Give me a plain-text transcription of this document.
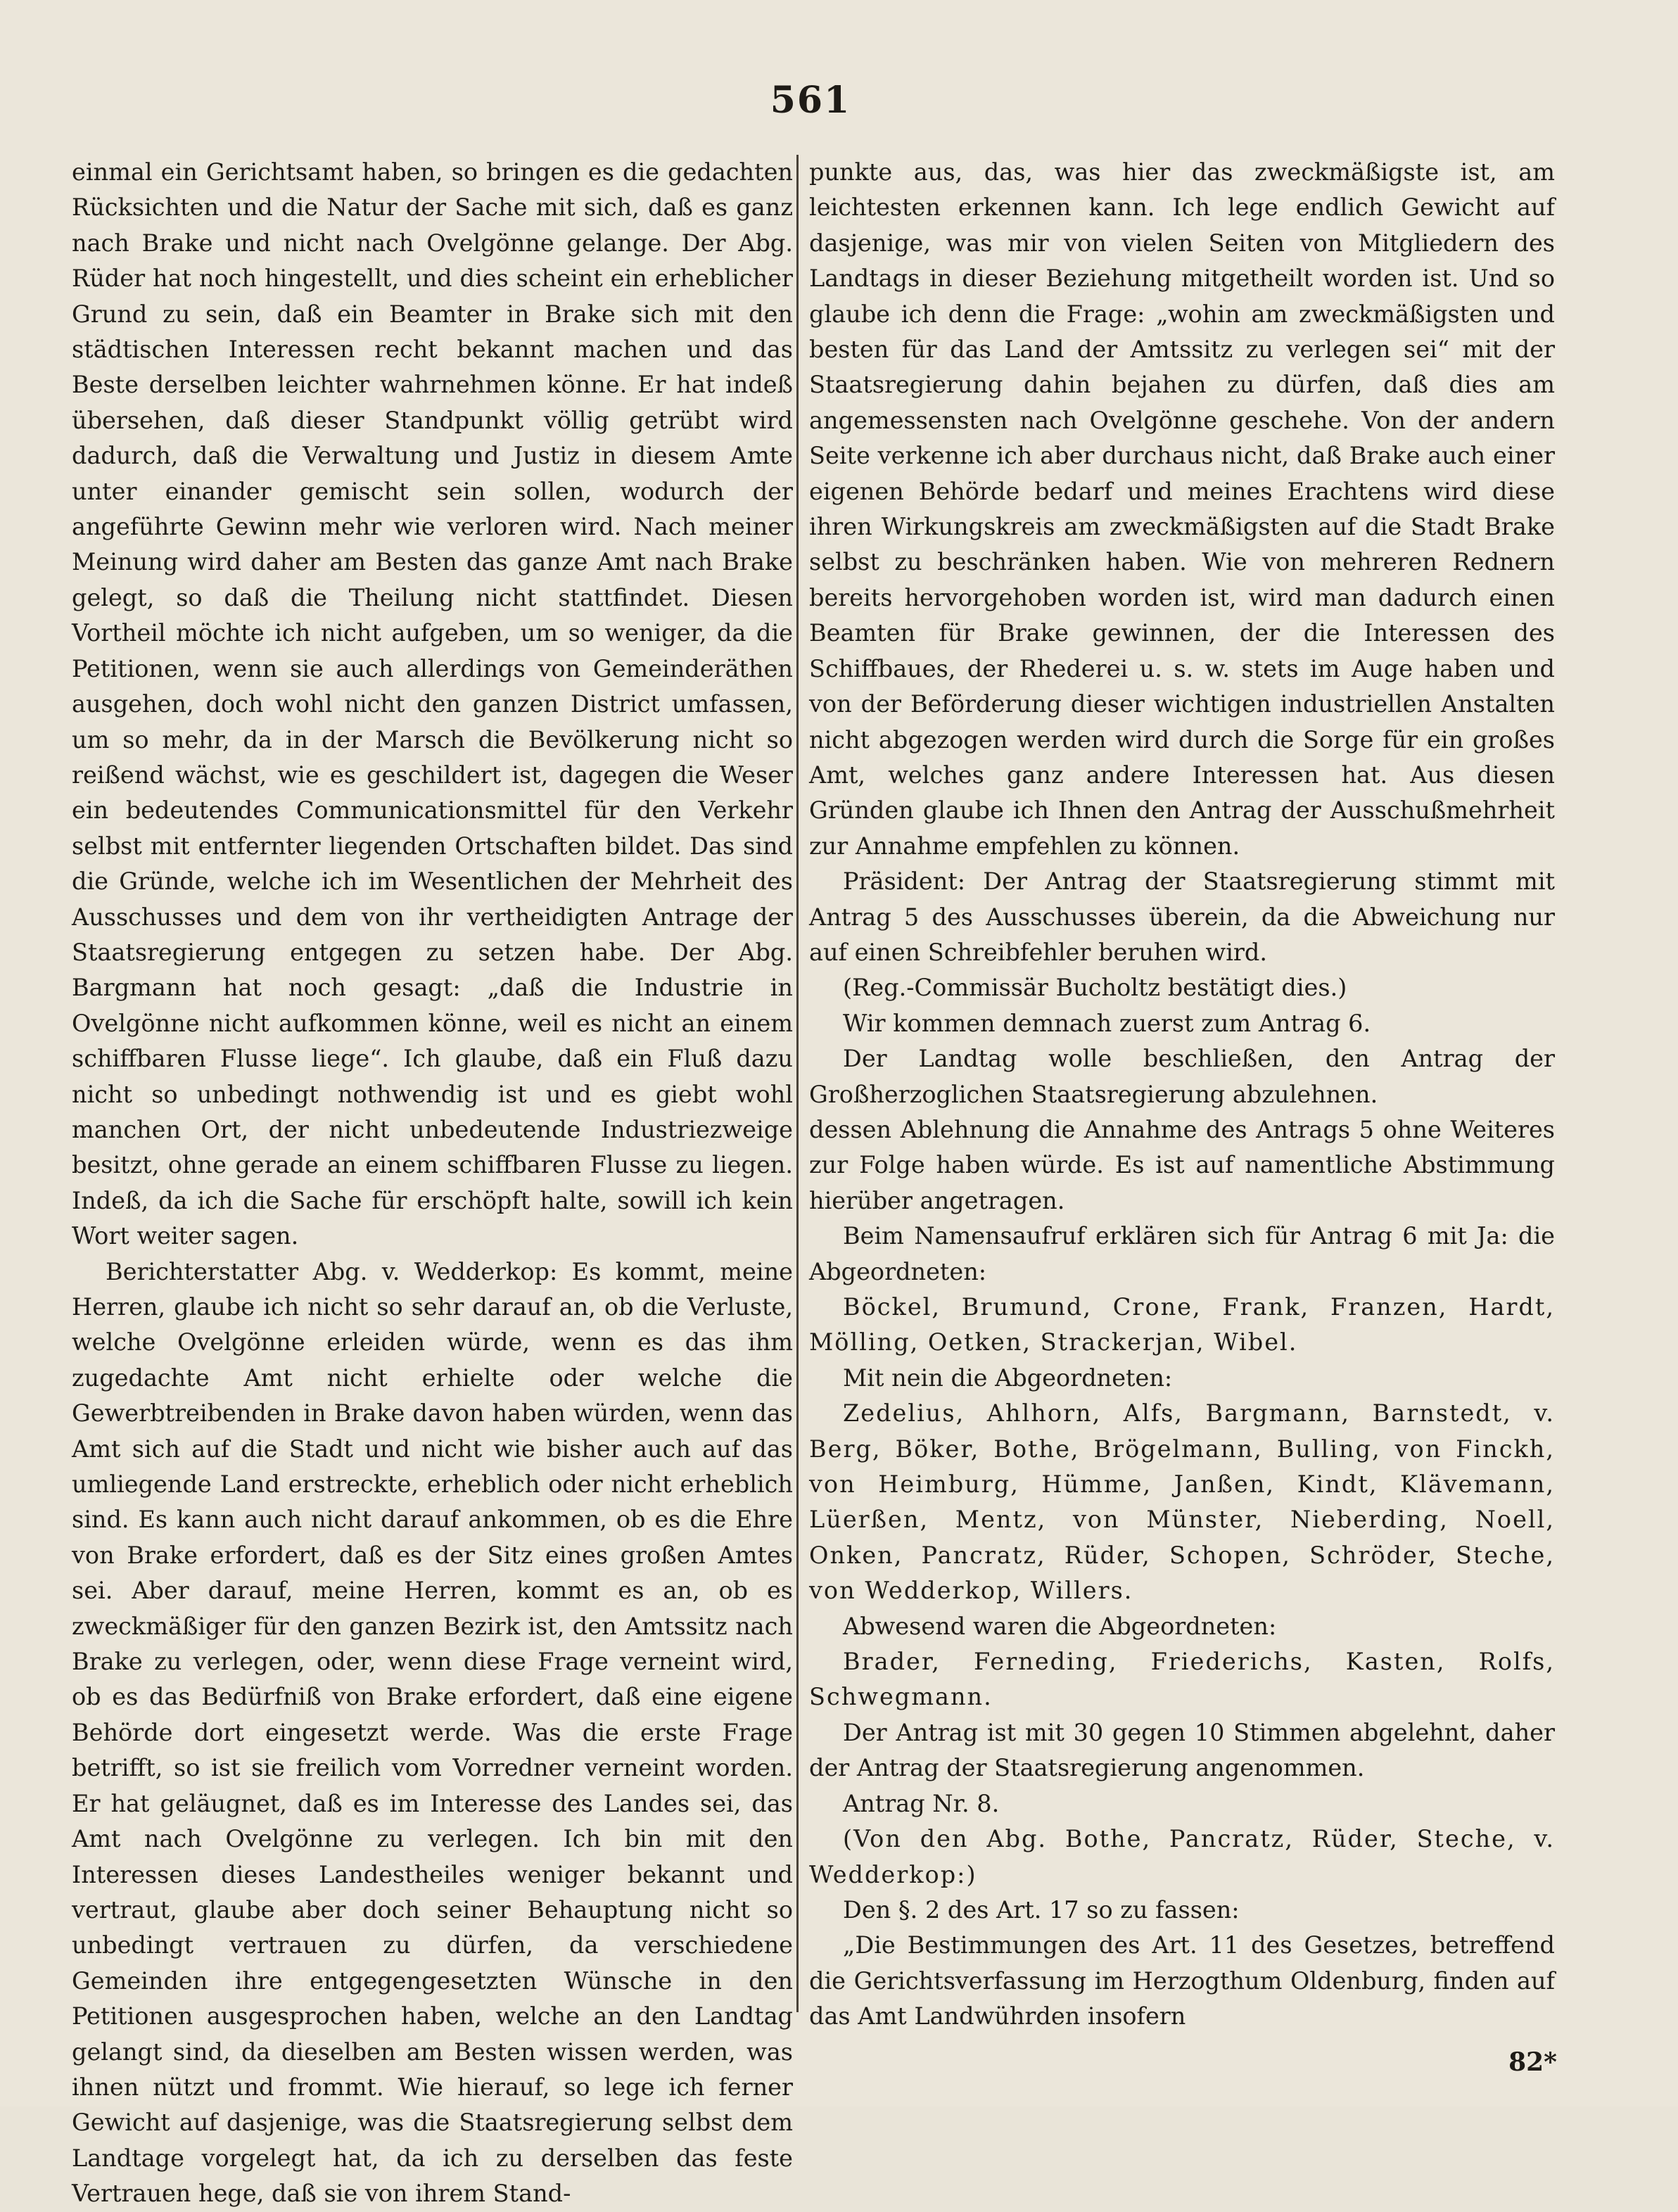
561

einmal ein Gerichtsamt haben, so bringen es die gedachten Rücksichten und die Natur der Sache mit sich, daß es ganz nach Brake und nicht nach Ovelgönne gelange. Der Abg. Rüder hat noch hingestellt, und dies scheint ein erheblicher Grund zu sein, daß ein Beamter in Brake sich mit den städtischen Interessen recht bekannt machen und das Beste derselben leichter wahrnehmen könne. Er hat indeß übersehen, daß dieser Standpunkt völlig getrübt wird dadurch, daß die Verwaltung und Justiz in diesem Amte unter einander gemischt sein sollen, wodurch der angeführte Gewinn mehr wie verloren wird. Nach meiner Meinung wird daher am Besten das ganze Amt nach Brake gelegt, so daß die Theilung nicht stattfindet. Diesen Vortheil möchte ich nicht aufgeben, um so weniger, da die Petitionen, wenn sie auch allerdings von Gemeinderäthen ausgehen, doch wohl nicht den ganzen District umfassen, um so mehr, da in der Marsch die Bevölkerung nicht so reißend wächst, wie es geschildert ist, dagegen die Weser ein bedeutendes Communicationsmittel für den Verkehr selbst mit entfernter liegenden Ortschaften bildet. Das sind die Gründe, welche ich im Wesentlichen der Mehrheit des Ausschusses und dem von ihr vertheidigten Antrage der Staatsregierung entgegen zu setzen habe. Der Abg. Bargmann hat noch gesagt: „daß die Industrie in Ovelgönne nicht aufkommen könne, weil es nicht an einem schiffbaren Flusse liege“. Ich glaube, daß ein Fluß dazu nicht so unbedingt nothwendig ist und es giebt wohl manchen Ort, der nicht unbedeutende Industriezweige besitzt, ohne gerade an einem schiffbaren Flusse zu liegen. Indeß, da ich die Sache für erschöpft halte, sowill ich kein Wort weiter sagen.

Berichterstatter Abg. v. Wedderkop: Es kommt, meine Herren, glaube ich nicht so sehr darauf an, ob die Verluste, welche Ovelgönne erleiden würde, wenn es das ihm zugedachte Amt nicht erhielte oder welche die Gewerbtreibenden in Brake davon haben würden, wenn das Amt sich auf die Stadt und nicht wie bisher auch auf das umliegende Land erstreckte, erheblich oder nicht erheblich sind. Es kann auch nicht darauf ankommen, ob es die Ehre von Brake erfordert, daß es der Sitz eines großen Amtes sei. Aber darauf, meine Herren, kommt es an, ob es zweckmäßiger für den ganzen Bezirk ist, den Amtssitz nach Brake zu verlegen, oder, wenn diese Frage verneint wird, ob es das Bedürfniß von Brake erfordert, daß eine eigene Behörde dort eingesetzt werde. Was die erste Frage betrifft, so ist sie freilich vom Vorredner verneint worden. Er hat geläugnet, daß es im Interesse des Landes sei, das Amt nach Ovelgönne zu verlegen. Ich bin mit den Interessen dieses Landestheiles weniger bekannt und vertraut, glaube aber doch seiner Behauptung nicht so unbedingt vertrauen zu dürfen, da verschiedene Gemeinden ihre entgegengesetzten Wünsche in den Petitionen ausgesprochen haben, welche an den Landtag gelangt sind, da dieselben am Besten wissen werden, was ihnen nützt und frommt. Wie hierauf, so lege ich ferner Gewicht auf dasjenige, was die Staatsregierung selbst dem Landtage vorgelegt hat, da ich zu derselben das feste Vertrauen hege, daß sie von ihrem Stand-

punkte aus, das, was hier das zweckmäßigste ist, am leichtesten erkennen kann. Ich lege endlich Gewicht auf dasjenige, was mir von vielen Seiten von Mitgliedern des Landtags in dieser Beziehung mitgetheilt worden ist. Und so glaube ich denn die Frage: „wohin am zweckmäßigsten und besten für das Land der Amtssitz zu verlegen sei“ mit der Staatsregierung dahin bejahen zu dürfen, daß dies am angemessensten nach Ovelgönne geschehe. Von der andern Seite verkenne ich aber durchaus nicht, daß Brake auch einer eigenen Behörde bedarf und meines Erachtens wird diese ihren Wirkungskreis am zweckmäßigsten auf die Stadt Brake selbst zu beschränken haben. Wie von mehreren Rednern bereits hervorgehoben worden ist, wird man dadurch einen Beamten für Brake gewinnen, der die Interessen des Schiffbaues, der Rhederei u. s. w. stets im Auge haben und von der Beförderung dieser wichtigen industriellen Anstalten nicht abgezogen werden wird durch die Sorge für ein großes Amt, welches ganz andere Interessen hat. Aus diesen Gründen glaube ich Ihnen den Antrag der Ausschußmehrheit zur Annahme empfehlen zu können.

Präsident: Der Antrag der Staatsregierung stimmt mit Antrag 5 des Ausschusses überein, da die Abweichung nur auf einen Schreibfehler beruhen wird.

(Reg.-Commissär Bucholtz bestätigt dies.)

Wir kommen demnach zuerst zum Antrag 6.

Der Landtag wolle beschließen, den Antrag der Großherzoglichen Staatsregierung abzulehnen.

dessen Ablehnung die Annahme des Antrags 5 ohne Weiteres zur Folge haben würde. Es ist auf namentliche Abstimmung hierüber angetragen.

Beim Namensaufruf erklären sich für Antrag 6 mit Ja: die Abgeordneten:

Böckel, Brumund, Crone, Frank, Franzen, Hardt, Mölling, Oetken, Strackerjan, Wibel.

Mit nein die Abgeordneten:

Zedelius, Ahlhorn, Alfs, Bargmann, Barnstedt, v. Berg, Böker, Bothe, Brögelmann, Bulling, von Finckh, von Heimburg, Hümme, Janßen, Kindt, Klävemann, Lüerßen, Mentz, von Münster, Nieberding, Noell, Onken, Pancratz, Rüder, Schopen, Schröder, Steche, von Wedderkop, Willers.

Abwesend waren die Abgeordneten:

Brader, Ferneding, Friederichs, Kasten, Rolfs, Schwegmann.

Der Antrag ist mit 30 gegen 10 Stimmen abgelehnt, daher der Antrag der Staatsregierung angenommen.

Antrag Nr. 8.

(Von den Abg. Bothe, Pancratz, Rüder, Steche, v. Wedderkop:)

Den §. 2 des Art. 17 so zu fassen:

„Die Bestimmungen des Art. 11 des Gesetzes, betreffend die Gerichtsverfassung im Herzogthum Oldenburg, finden auf das Amt Landwührden insofern

82*
